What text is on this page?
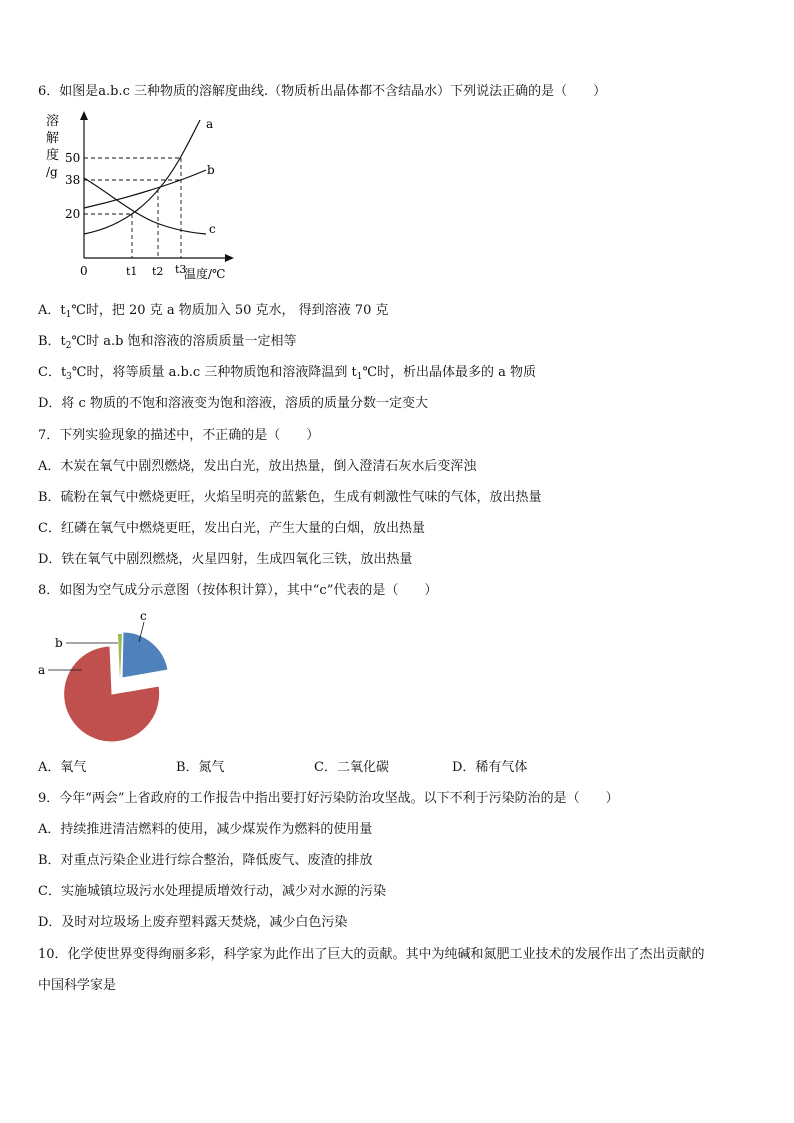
6．如图是a.b.c 三种物质的溶解度曲线.（物质析出晶体都不含结晶水）下列说法正确的是（　　）
溶
解
度
/g
50
38
20
0	t1 t2 t3
温度/℃
a
b
c
A．$t_1℃$时，把 20 克 a 物质加入 50 克水， 得到溶液 70 克
B．$t_2℃$时 a.b 饱和溶液的溶质质量一定相等
C．$t_3℃$时，将等质量 a.b.c 三种物质饱和溶液降温到 $t_1℃$时，析出晶体最多的 a 物质
D．将 c 物质的不饱和溶液变为饱和溶液，溶质的质量分数一定变大
7．下列实验现象的描述中，不正确的是（　　）
A．木炭在氧气中剧烈燃烧，发出白光，放出热量，倒入澄清石灰水后变浑浊
B．硫粉在氧气中燃烧更旺，火焰呈明亮的蓝紫色，生成有刺激性气味的气体，放出热量
C．红磷在氧气中燃烧更旺，发出白光，产生大量的白烟，放出热量
D．铁在氧气中剧烈燃烧，火星四射，生成四氧化三铁，放出热量
8．如图为空气成分示意图（按体积计算），其中“c”代表的是（　　）
a
b
c
A．氧气	B．氮气	C．二氧化碳	D．稀有气体
9．今年“两会”上省政府的工作报告中指出要打好污染防治攻坚战。以下不利于污染防治的是（　　）
A．持续推进清洁燃料的使用，减少煤炭作为燃料的使用量
B．对重点污染企业进行综合整治，降低废气、废渣的排放
C．实施城镇垃圾污水处理提质增效行动，减少对水源的污染
D．及时对垃圾场上废弃塑料露天焚烧，减少白色污染
10．化学使世界变得绚丽多彩，科学家为此作出了巨大的贡献。其中为纯碱和氮肥工业技术的发展作出了杰出贡献的
中国科学家是
